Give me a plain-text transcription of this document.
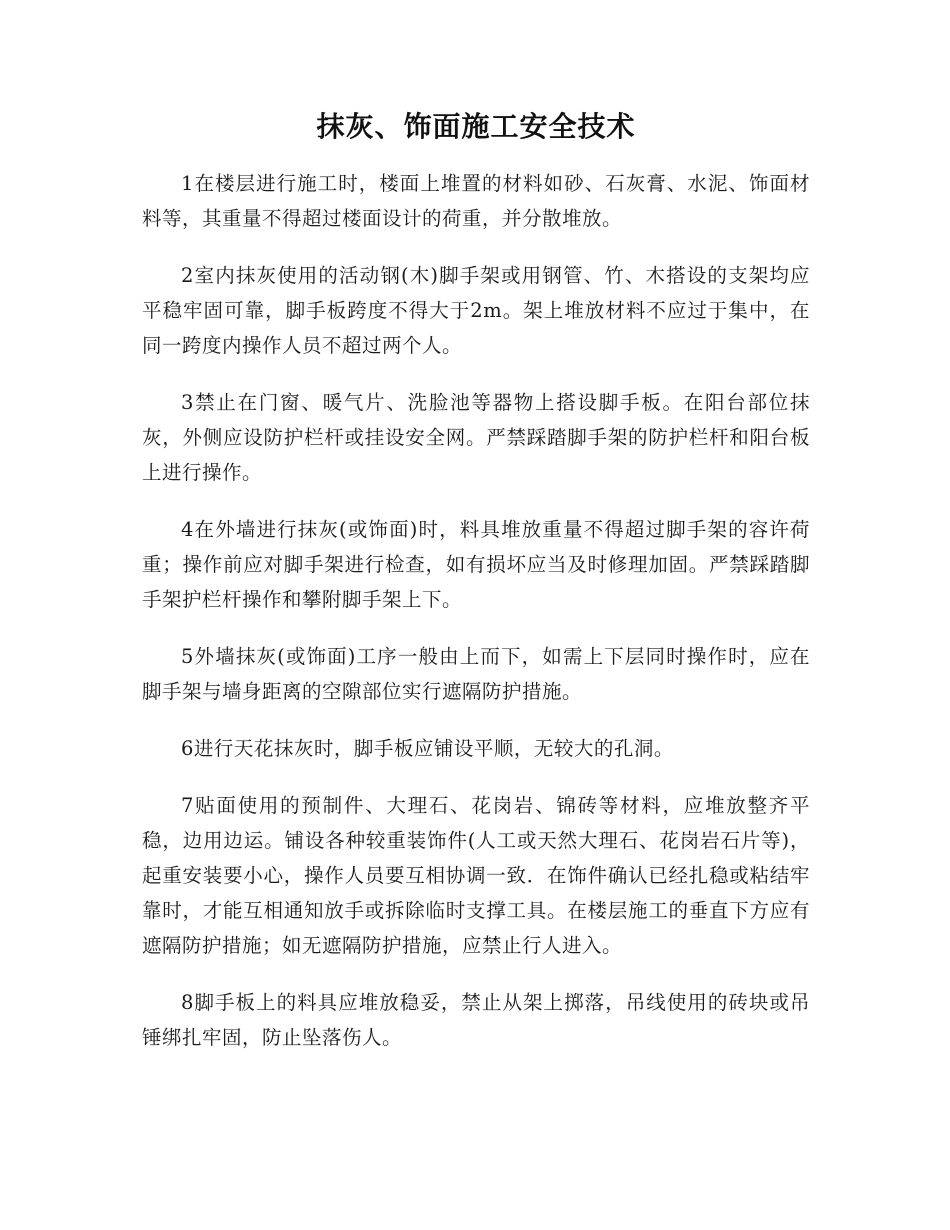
抹灰、饰面施工安全技术

1在楼层进行施工时，楼面上堆置的材料如砂、石灰膏、水泥、饰面材料等，其重量不得超过楼面设计的荷重，并分散堆放。

2室内抹灰使用的活动钢(木)脚手架或用钢管、竹、木搭设的支架均应平稳牢固可靠，脚手板跨度不得大于2m。架上堆放材料不应过于集中，在同一跨度内操作人员不超过两个人。

3禁止在门窗、暖气片、洗脸池等器物上搭设脚手板。在阳台部位抹灰，外侧应设防护栏杆或挂设安全网。严禁踩踏脚手架的防护栏杆和阳台板上进行操作。

4在外墙进行抹灰(或饰面)时，料具堆放重量不得超过脚手架的容许荷重；操作前应对脚手架进行检查，如有损坏应当及时修理加固。严禁踩踏脚手架护栏杆操作和攀附脚手架上下。

5外墙抹灰(或饰面)工序一般由上而下，如需上下层同时操作时，应在脚手架与墙身距离的空隙部位实行遮隔防护措施。

6进行天花抹灰时，脚手板应铺设平顺，无较大的孔洞。

7贴面使用的预制件、大理石、花岗岩、锦砖等材料，应堆放整齐平稳，边用边运。铺设各种较重装饰件(人工或天然大理石、花岗岩石片等)，起重安装要小心，操作人员要互相协调一致．在饰件确认已经扎稳或粘结牢靠时，才能互相通知放手或拆除临时支撑工具。在楼层施工的垂直下方应有遮隔防护措施；如无遮隔防护措施，应禁止行人进入。

8脚手板上的料具应堆放稳妥，禁止从架上掷落，吊线使用的砖块或吊锤绑扎牢固，防止坠落伤人。
